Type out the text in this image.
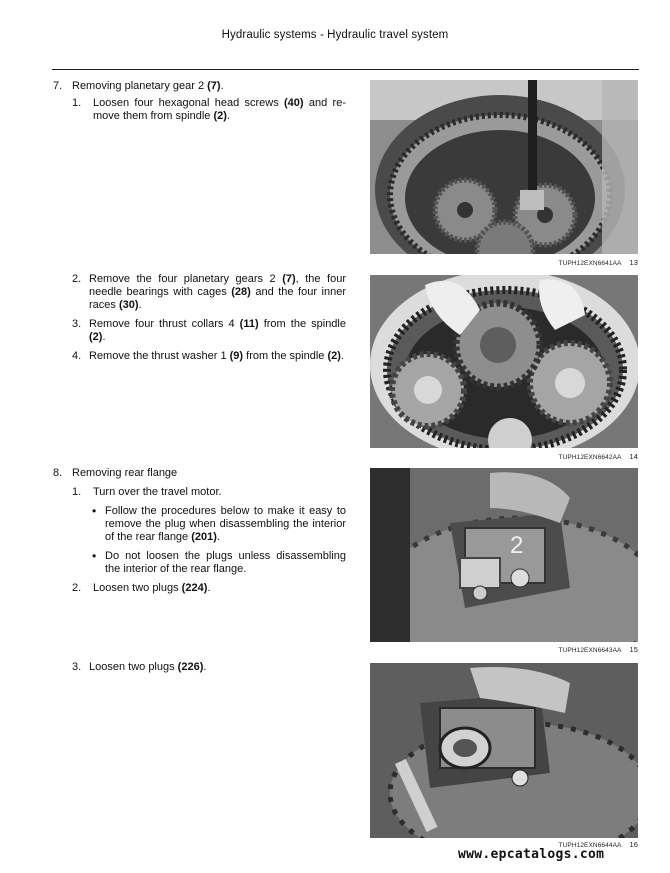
Hydraulic systems - Hydraulic travel system
7. Removing planetary gear 2 (7).
1. Loosen four hexagonal head screws (40) and re-move them from spindle (2).
2. Remove the four planetary gears 2 (7), the four needle bearings with cages (28) and the four inner races (30).
3. Remove four thrust collars 4 (11) from the spindle (2).
4. Remove the thrust washer 1 (9) from the spindle (2).
8. Removing rear flange
1. Turn over the travel motor.
• Follow the procedures below to make it easy to remove the plug when disassembling the interior of the rear flange (201).
• Do not loosen the plugs unless disassembling the interior of the rear flange.
2. Loosen two plugs (224).
3. Loosen two plugs (226).
TUPH12EXN6641AA 13
TUPH12EXN6642AA 14
2
TUPH12EXN6643AA 15
TUPH12EXN6644AA 16
www.epcatalogs.com
